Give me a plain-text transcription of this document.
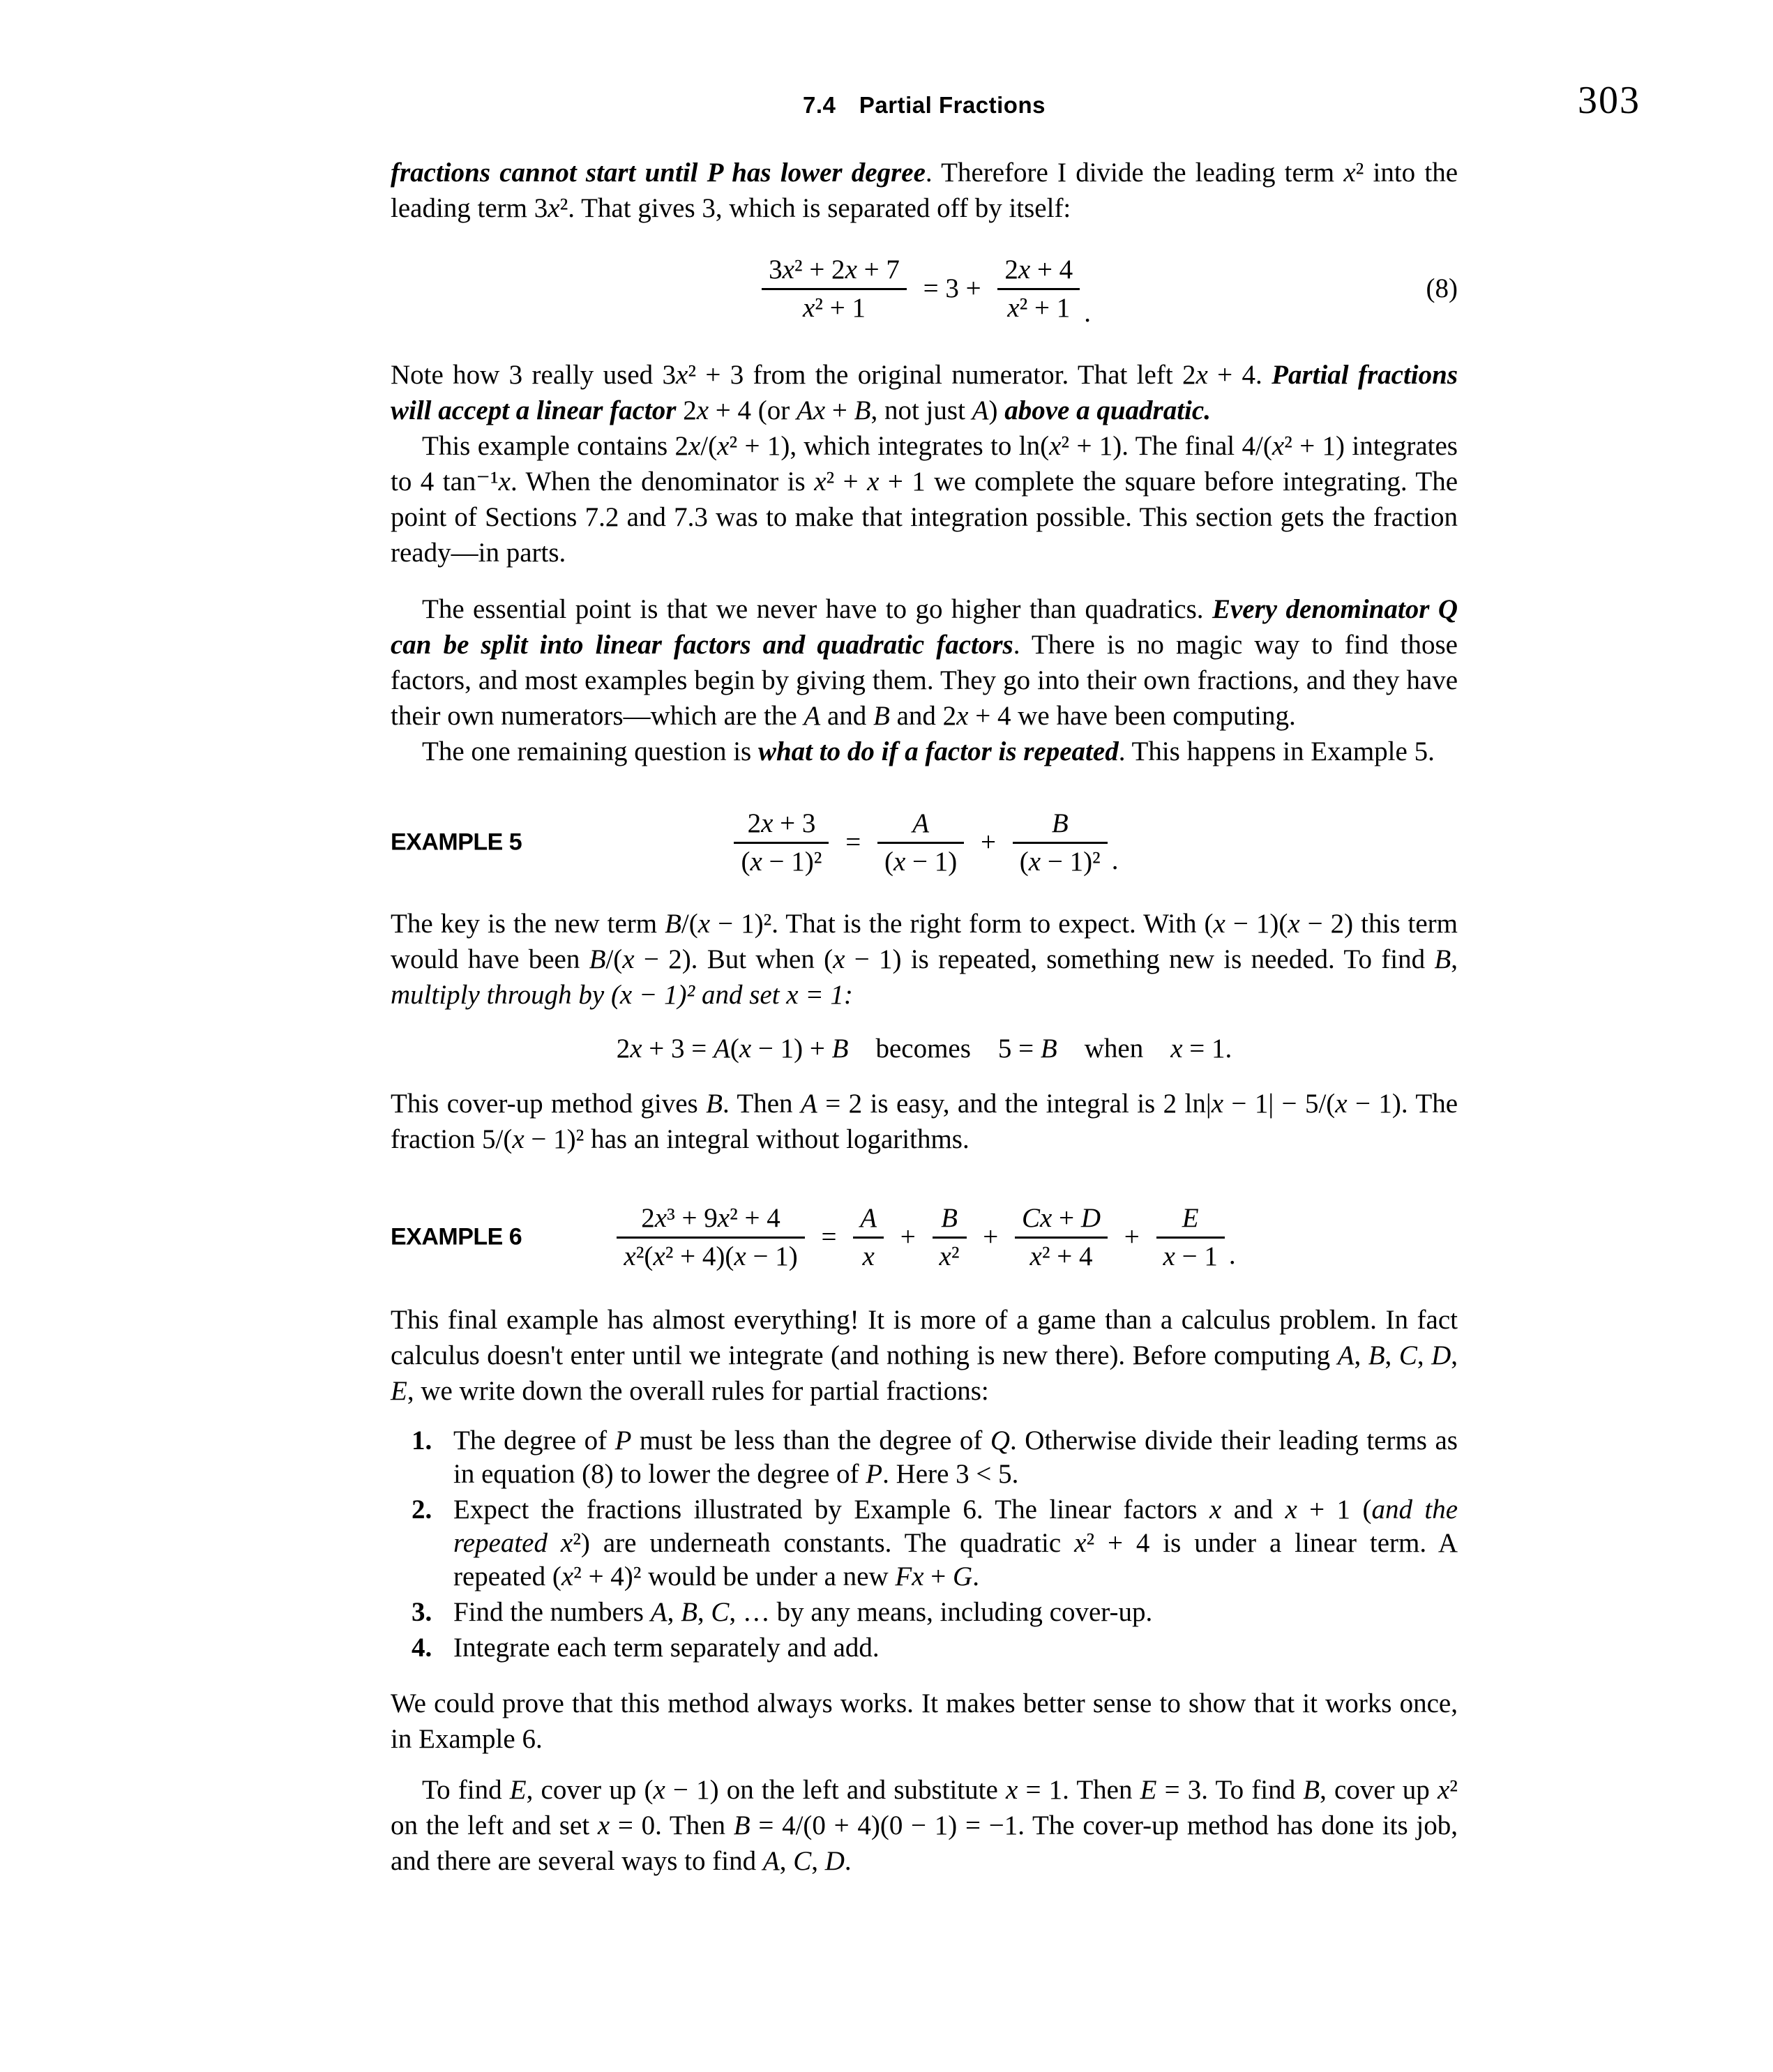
7.4 Partial Fractions	303

fractions cannot start until P has lower degree. Therefore I divide the leading term x² into the leading term 3x². That gives 3, which is separated off by itself:

$\frac{\text{3x² + 2x + 7}}{\text{x² + 1}} = 3 + \frac{2x + 4}{\text{x² + 1}}$ .
(8)

Note how 3 really used 3x² + 3 from the original numerator. That left 2x + 4. Partial fractions will accept a linear factor 2x + 4 (or Ax + B, not just A) above a quadratic.

This example contains 2x/(x² + 1), which integrates to ln(x² + 1). The final 4/(x² + 1) integrates to 4 tan⁻¹x. When the denominator is x² + x + 1 we complete the square before integrating. The point of Sections 7.2 and 7.3 was to make that integration possible. This section gets the fraction ready—in parts.

The essential point is that we never have to go higher than quadratics. Every denominator Q can be split into linear factors and quadratic factors. There is no magic way to find those factors, and most examples begin by giving them. They go into their own fractions, and they have their own numerators—which are the A and B and 2x + 4 we have been computing.

The one remaining question is what to do if a factor is repeated. This happens in Example 5.

EXAMPLE 5	$\frac{2x + 3}{\text{(x − 1)²}} = \frac{A}{(x - 1)} + \frac{B}{\text{(x − 1)²}}$ .

The key is the new term B/(x − 1)². That is the right form to expect. With (x − 1)(x − 2) this term would have been B/(x − 2). But when (x − 1) is repeated, something new is needed. To find B, multiply through by (x − 1)² and set x = 1:

2x + 3 = A(x − 1) + B becomes 5 = B when x = 1.

This cover-up method gives B. Then A = 2 is easy, and the integral is 2 ln|x − 1| − 5/(x − 1). The fraction 5/(x − 1)² has an integral without logarithms.

EXAMPLE 6	$\frac{\text{2x³ + 9x² + 4}}{\text{x²(x² + 4)(x − 1)}} = \frac{A}{x} + \frac{B}{\text{x²}} + \frac{Cx + D}{\text{x² + 4}} + \frac{E}{x - 1}$ .

This final example has almost everything! It is more of a game than a calculus problem. In fact calculus doesn't enter until we integrate (and nothing is new there). Before computing A, B, C, D, E, we write down the overall rules for partial fractions:

1. The degree of P must be less than the degree of Q. Otherwise divide their leading terms as in equation (8) to lower the degree of P. Here 3 < 5.
2. Expect the fractions illustrated by Example 6. The linear factors x and x + 1 (and the repeated x²) are underneath constants. The quadratic x² + 4 is under a linear term. A repeated (x² + 4)² would be under a new Fx + G.
3. Find the numbers A, B, C, … by any means, including cover-up.
4. Integrate each term separately and add.

We could prove that this method always works. It makes better sense to show that it works once, in Example 6.

To find E, cover up (x − 1) on the left and substitute x = 1. Then E = 3. To find B, cover up x² on the left and set x = 0. Then B = 4/(0 + 4)(0 − 1) = −1. The cover-up method has done its job, and there are several ways to find A, C, D.
